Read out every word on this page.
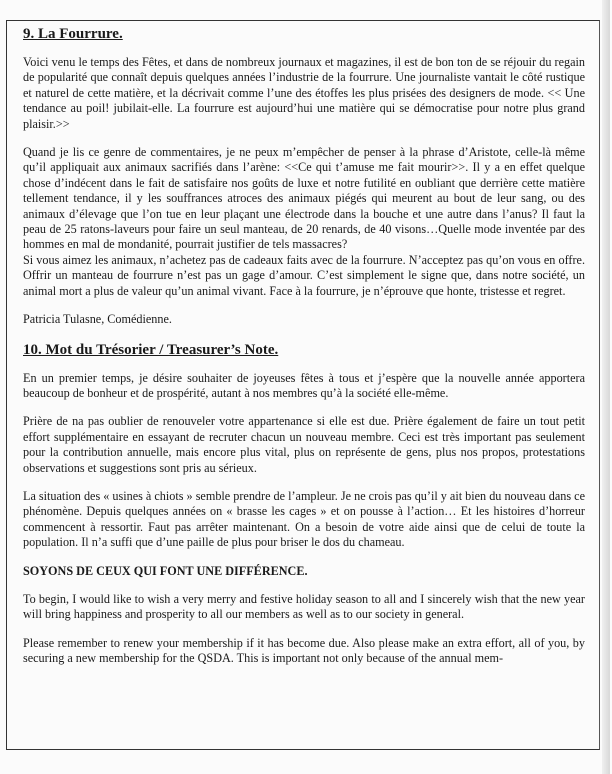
9. La Fourrure.

Voici venu le temps des Fêtes, et dans de nombreux journaux et magazines, il est de bon ton de se réjouir du regain de popularité que connaît depuis quelques années l’industrie de la fourrure. Une journaliste vantait le côté rustique et naturel de cette matière, et la décrivait comme l’une des étoffes les plus prisées des designers de mode. << Une tendance au poil! jubilait-elle. La fourrure est aujourd’hui une matière qui se démocratise pour notre plus grand plaisir.>>

Quand je lis ce genre de commentaires, je ne peux m’empêcher de penser à la phrase d’Aristote, celle-là même qu’il appliquait aux animaux sacrifiés dans l’arène: <<Ce qui t’amuse me fait mourir>>. Il y a en effet quelque chose d’indécent dans le fait de satisfaire nos goûts de luxe et notre futilité en oubliant que derrière cette matière tellement tendance, il y les souffrances atroces des animaux piégés qui meurent au bout de leur sang, ou des animaux d’élevage que l’on tue en leur plaçant une électrode dans la bouche et une autre dans l’anus? Il faut la peau de 25 ratons-laveurs pour faire un seul manteau, de 20 renards, de 40 visons…Quelle mode inventée par des hommes en mal de mondanité, pourrait justifier de tels massacres?

Si vous aimez les animaux, n’achetez pas de cadeaux faits avec de la fourrure. N’acceptez pas qu’on vous en offre. Offrir un manteau de fourrure n’est pas un gage d’amour. C’est simplement le signe que, dans notre société, un animal mort a plus de valeur qu’un animal vivant. Face à la fourrure, je n’éprouve que honte, tristesse et regret.

Patricia Tulasne, Comédienne.

10. Mot du Trésorier / Treasurer’s Note.

En un premier temps, je désire souhaiter de joyeuses fêtes à tous et j’espère que la nouvelle année apportera beaucoup de bonheur et de prospérité, autant à nos membres qu’à la société elle-même.

Prière de na pas oublier de renouveler votre appartenance si elle est due. Prière également de faire un tout petit effort supplémentaire en essayant de recruter chacun un nouveau membre. Ceci est très important pas seulement pour la contribution annuelle, mais encore plus vital, plus on représente de gens, plus nos propos, protestations observations et suggestions sont pris au sérieux.

La situation des « usines à chiots » semble prendre de l’ampleur. Je ne crois pas qu’il y ait bien du nouveau dans ce phénomène. Depuis quelques années on « brasse les cages » et on pousse à l’action… Et les histoires d’horreur commencent à ressortir. Faut pas arrêter maintenant. On a besoin de votre aide ainsi que de celui de toute la population. Il n’a suffi que d’une paille de plus pour briser le dos du chameau.

SOYONS DE CEUX QUI FONT UNE DIFFÉRENCE.

To begin, I would like to wish a very merry and festive holiday season to all and I sincerely wish that the new year will bring happiness and prosperity to all our members as well as to our society in general.

Please remember to renew your membership if it has become due. Also please make an extra effort, all of you, by securing a new membership for the QSDA. This is important not only because of the annual mem-
